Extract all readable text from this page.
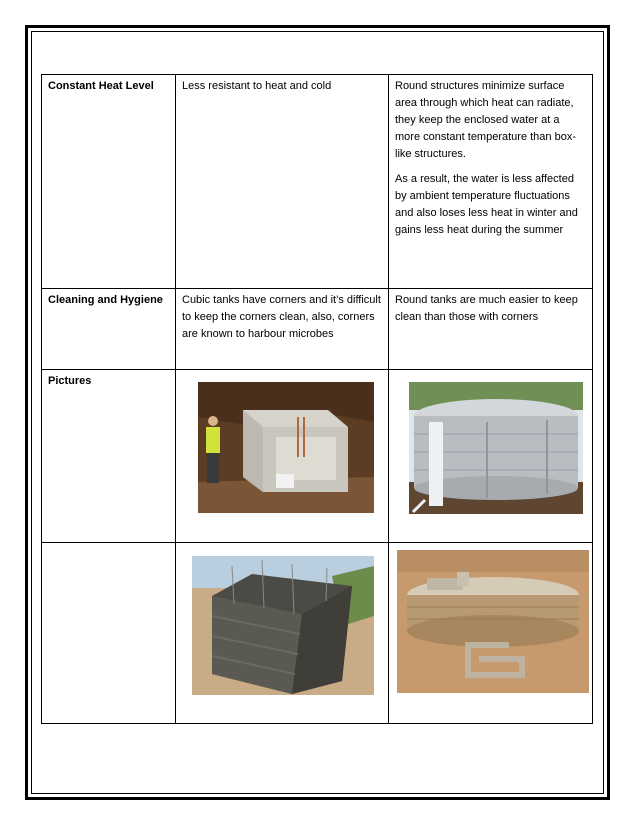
Constant Heat Level	Less resistant to heat and cold	Round structures minimize surface area through which heat can radiate, they keep the enclosed water at a more constant temperature than box-like structures.

As a result, the water is less affected by ambient temperature fluctuations and also loses less heat in winter and gains less heat during the summer

Cleaning and Hygiene	Cubic tanks have corners and it’s difficult to keep the corners clean, also, corners are known to harbour microbes	Round tanks are much easier to keep clean than those with corners

Pictures	
